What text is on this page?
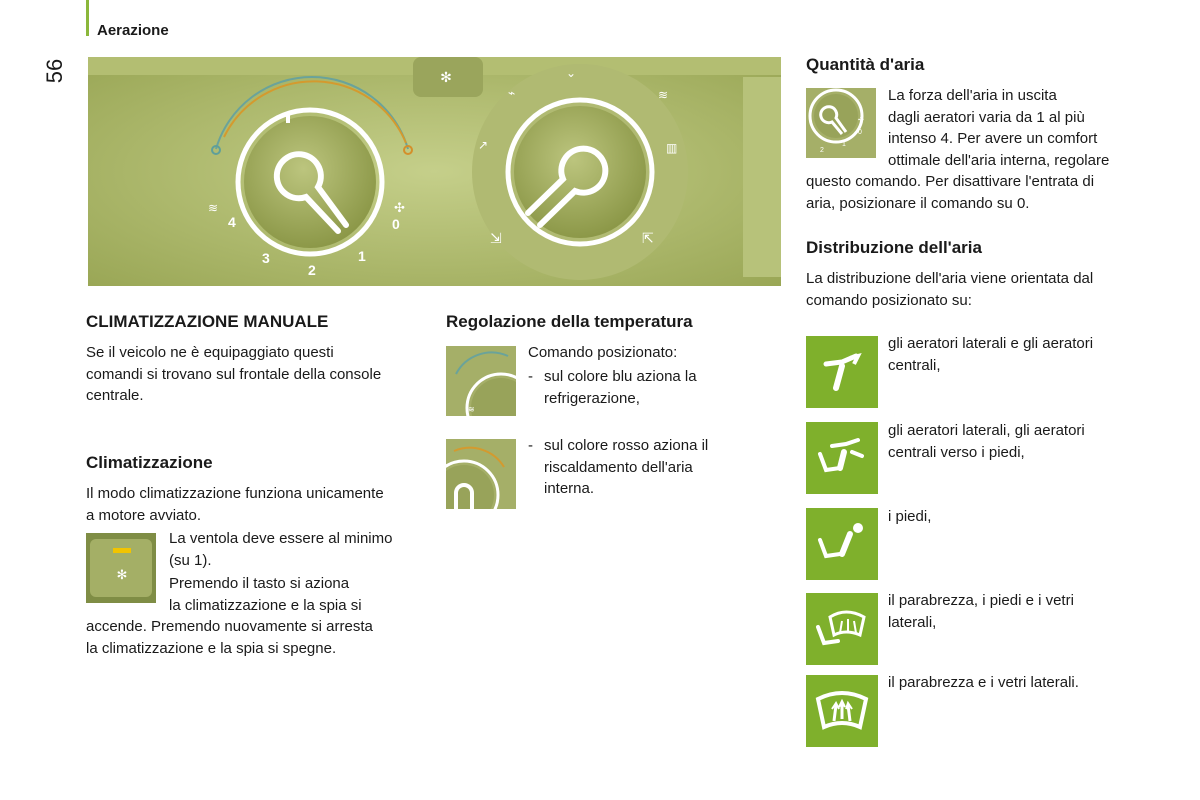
Aerazione
56	✻
4
3
2
1
0
≋	✣
⌁
⌄
≋
▥
↗
⇲	⇱
CLIMATIZZAZIONE MANUALE
Se il veicolo ne è equipaggiato questi
comandi si trovano sul frontale della console
centrale.
Climatizzazione
Il modo climatizzazione funziona unicamente
a motore avviato.
✻
La ventola deve essere al minimo
(su 1).
Premendo il tasto si aziona
la climatizzazione e la spia si
accende. Premendo nuovamente si arresta
la climatizzazione e la spia si spegne.
Regolazione della temperatura
≋
Comando posizionato:
- sul colore blu aziona la
refrigerazione,
- sul colore rosso aziona il
riscaldamento dell'aria
interna.
Quantità d'aria
2
1
0
✣
La forza dell'aria in uscita
dagli aeratori varia da 1 al più
intenso 4. Per avere un comfort
ottimale dell'aria interna, regolare
questo comando. Per disattivare l'entrata di
aria, posizionare il comando su 0.
Distribuzione dell'aria
La distribuzione dell'aria viene orientata dal
comando posizionato su:
gli aeratori laterali e gli aeratori
centrali,
gli aeratori laterali, gli aeratori
centrali verso i piedi,
i piedi,
il parabrezza, i piedi e i vetri
laterali,
il parabrezza e i vetri laterali.
